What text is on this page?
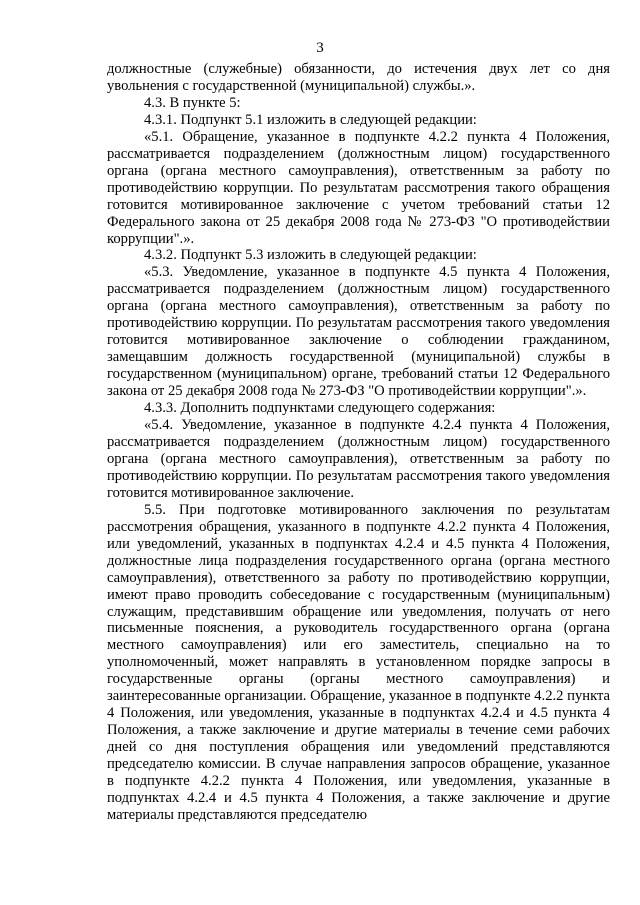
3

должностные (служебные) обязанности, до истечения двух лет со дня увольнения с государственной (муниципальной) службы.».

4.3. В пункте 5:

4.3.1. Подпункт 5.1 изложить в следующей редакции:

«5.1. Обращение, указанное в подпункте 4.2.2 пункта 4 Положения, рассматривается подразделением (должностным лицом) государственного органа (органа местного самоуправления), ответственным за работу по противодействию коррупции. По результатам рассмотрения такого обращения готовится мотивированное заключение с учетом требований статьи 12 Федерального закона от 25 декабря 2008 года № 273-ФЗ "О противодействии коррупции".».

4.3.2. Подпункт 5.3 изложить в следующей редакции:

«5.3. Уведомление, указанное в подпункте 4.5 пункта 4 Положения, рассматривается подразделением (должностным лицом) государственного органа (органа местного самоуправления), ответственным за работу по противодействию коррупции. По результатам рассмотрения такого уведомления готовится мотивированное заключение о соблюдении гражданином, замещавшим должность государственной (муниципальной) службы в государственном (муниципальном) органе, требований статьи 12 Федерального закона от 25 декабря 2008 года № 273-ФЗ "О противодействии коррупции".».

4.3.3. Дополнить подпунктами следующего содержания:

«5.4. Уведомление, указанное в подпункте 4.2.4 пункта 4 Положения, рассматривается подразделением (должностным лицом) государственного органа (органа местного самоуправления), ответственным за работу по противодействию коррупции. По результатам рассмотрения такого уведомления готовится мотивированное заключение.

5.5. При подготовке мотивированного заключения по результатам рассмотрения обращения, указанного в подпункте 4.2.2 пункта 4 Положения, или уведомлений, указанных в подпунктах 4.2.4 и 4.5 пункта 4 Положения, должностные лица подразделения государственного органа (органа местного самоуправления), ответственного за работу по противодействию коррупции, имеют право проводить собеседование с государственным (муниципальным) служащим, представившим обращение или уведомления, получать от него письменные пояснения, а руководитель государственного органа (органа местного самоуправления) или его заместитель, специально на то уполномоченный, может направлять в установленном порядке запросы в государственные органы (органы местного самоуправления) и заинтересованные организации. Обращение, указанное в подпункте 4.2.2 пункта 4 Положения, или уведомления, указанные в подпунктах 4.2.4 и 4.5 пункта 4 Положения, а также заключение и другие материалы в течение семи рабочих дней со дня поступления обращения или уведомлений представляются председателю комиссии. В случае направления запросов обращение, указанное в подпункте 4.2.2 пункта 4 Положения, или уведомления, указанные в подпунктах 4.2.4 и 4.5 пункта 4 Положения, а также заключение и другие материалы представляются председателю
